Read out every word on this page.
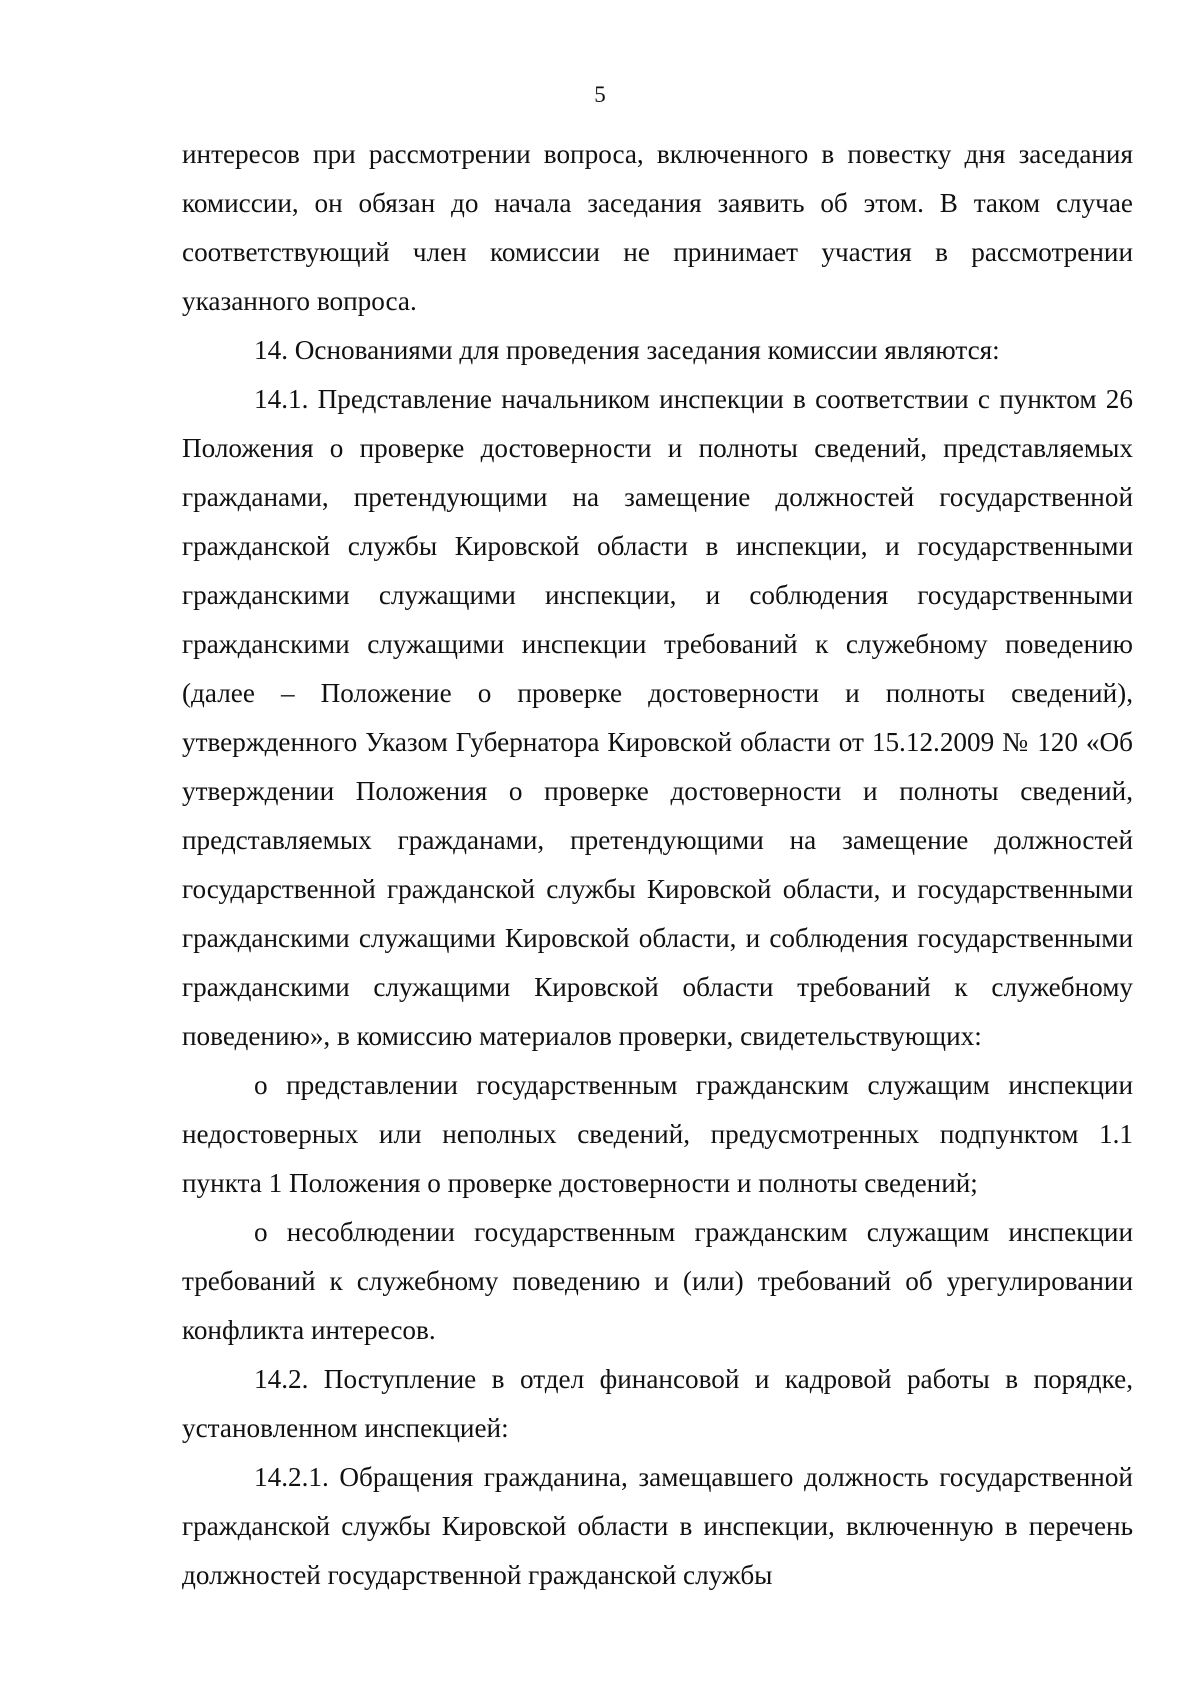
5

интересов при рассмотрении вопроса, включенного в повестку дня заседания комиссии, он обязан до начала заседания заявить об этом. В таком случае соответствующий член комиссии не принимает участия в рассмотрении указанного вопроса.

14. Основаниями для проведения заседания комиссии являются:

14.1. Представление начальником инспекции в соответствии с пунктом 26 Положения о проверке достоверности и полноты сведений, представляемых гражданами, претендующими на замещение должностей государственной гражданской службы Кировской области в инспекции, и государственными гражданскими служащими инспекции, и соблюдения государственными гражданскими служащими инспекции требований к служебному поведению (далее – Положение о проверке достоверности и полноты сведений), утвержденного Указом Губернатора Кировской области от 15.12.2009 № 120 «Об утверждении Положения о проверке достоверности и полноты сведений, представляемых гражданами, претендующими на замещение должностей государственной гражданской службы Кировской области, и государственными гражданскими служащими Кировской области, и соблюдения государственными гражданскими служащими Кировской области требований к служебному поведению», в комиссию материалов проверки, свидетельствующих:

о представлении государственным гражданским служащим инспекции недостоверных или неполных сведений, предусмотренных подпунктом 1.1 пункта 1 Положения о проверке достоверности и полноты сведений;

о несоблюдении государственным гражданским служащим инспекции требований к служебному поведению и (или) требований об урегулировании конфликта интересов.

14.2. Поступление в отдел финансовой и кадровой работы в порядке, установленном инспекцией:

14.2.1. Обращения гражданина, замещавшего должность государственной гражданской службы Кировской области в инспекции, включенную в перечень должностей государственной гражданской службы
